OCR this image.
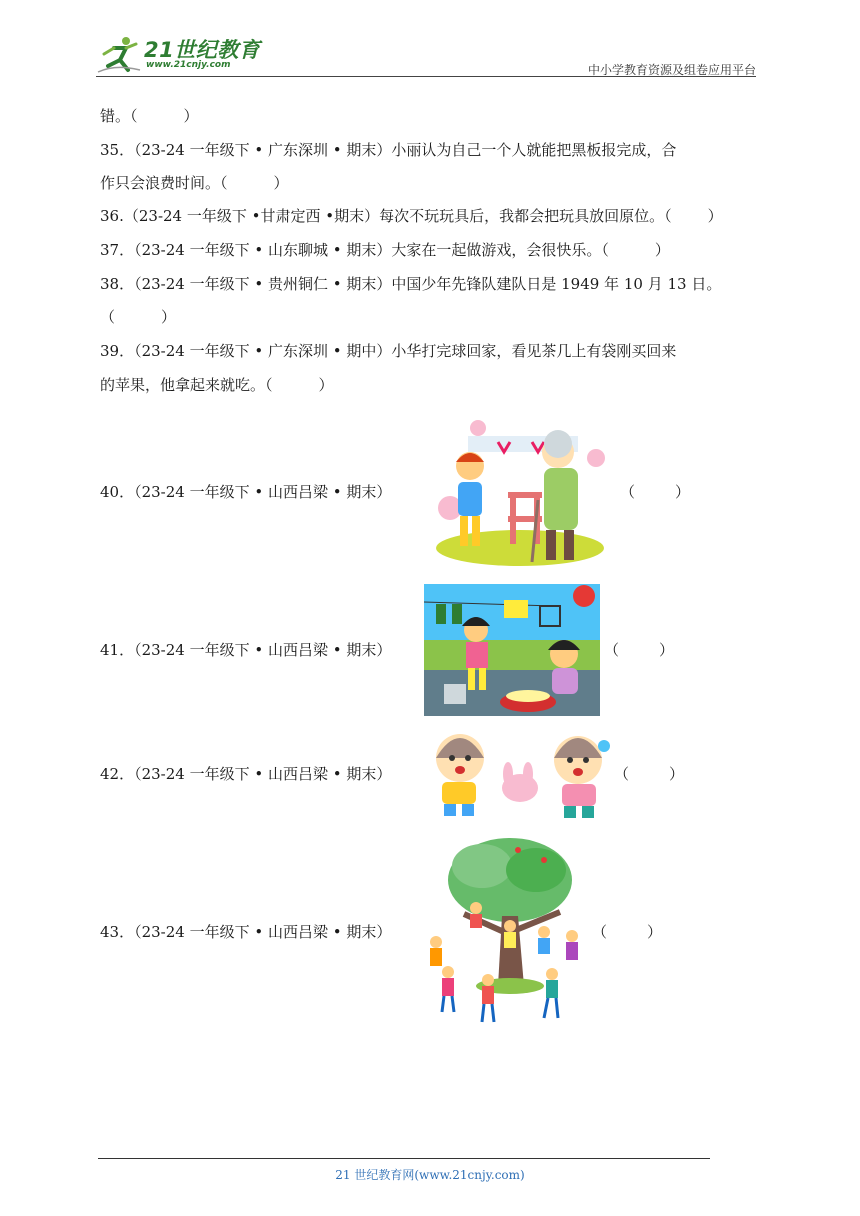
21世纪教育
www.21cnjy.com	中小学教育资源及组卷应用平台
错。（	）
35．（23-24 一年级下 • 广东深圳 • 期末）小丽认为自己一个人就能把黑板报完成，合
作只会浪费时间。（	）
36.（23-24 一年级下 •甘肃定西 •期末）每次不玩玩具后，我都会把玩具放回原位。（ ）
37．（23-24 一年级下 • 山东聊城 • 期末）大家在一起做游戏，会很快乐。（	）
38．（23-24 一年级下 • 贵州铜仁 • 期末）中国少年先锋队建队日是 1949 年 10 月 13 日。
（	）
39．（23-24 一年级下 • 广东深圳 • 期中）小华打完球回家，看见茶几上有袋刚买回来
的苹果，他拿起来就吃。（	）
40．（23-24 一年级下 • 山西吕梁 • 期末）	（	）
41．（23-24 一年级下 • 山西吕梁 • 期末）	（	）
42．（23-24 一年级下 • 山西吕梁 • 期末）	（	）
43．（23-24 一年级下 • 山西吕梁 • 期末）	（	）
21 世纪教育网(www.21cnjy.com)
